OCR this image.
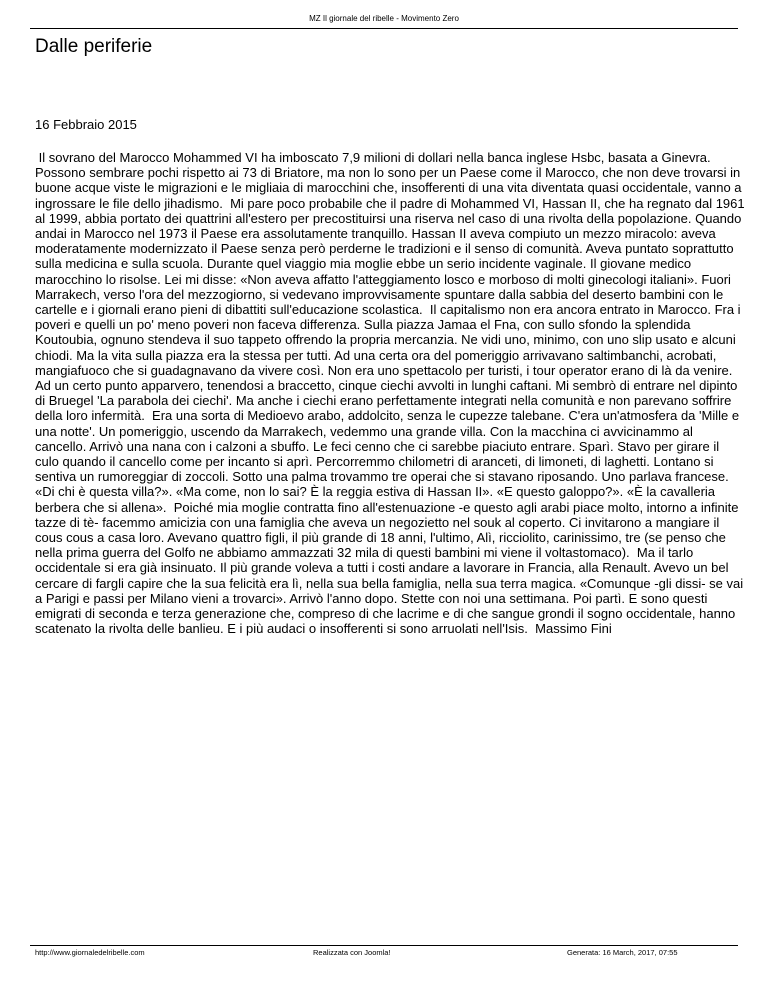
MZ Il giornale del ribelle - Movimento Zero
Dalle periferie
16 Febbraio 2015

Il sovrano del Marocco Mohammed VI ha imboscato 7,9 milioni di dollari nella banca inglese Hsbc, basata a Ginevra. Possono sembrare pochi rispetto ai 73 di Briatore, ma non lo sono per un Paese come il Marocco, che non deve trovarsi in buone acque viste le migrazioni e le migliaia di marocchini che, insofferenti di una vita diventata quasi occidentale, vanno a ingrossare le file dello jihadismo.  Mi pare poco probabile che il padre di Mohammed VI, Hassan II, che ha regnato dal 1961 al 1999, abbia portato dei quattrini all'estero per precostituirsi una riserva nel caso di una rivolta della popolazione. Quando andai in Marocco nel 1973 il Paese era assolutamente tranquillo. Hassan II aveva compiuto un mezzo miracolo: aveva moderatamente modernizzato il Paese senza però perderne le tradizioni e il senso di comunità. Aveva puntato soprattutto sulla medicina e sulla scuola. Durante quel viaggio mia moglie ebbe un serio incidente vaginale. Il giovane medico marocchino lo risolse. Lei mi disse: «Non aveva affatto l'atteggiamento losco e morboso di molti ginecologi italiani». Fuori Marrakech, verso l'ora del mezzogiorno, si vedevano improvvisamente spuntare dalla sabbia del deserto bambini con le cartelle e i giornali erano pieni di dibattiti sull'educazione scolastica.  Il capitalismo non era ancora entrato in Marocco. Fra i poveri e quelli un po' meno poveri non faceva differenza. Sulla piazza Jamaa el Fna, con sullo sfondo la splendida Koutoubia, ognuno stendeva il suo tappeto offrendo la propria mercanzia. Ne vidi uno, minimo, con uno slip usato e alcuni chiodi. Ma la vita sulla piazza era la stessa per tutti. Ad una certa ora del pomeriggio arrivavano saltimbanchi, acrobati, mangiafuoco che si guadagnavano da vivere così. Non era uno spettacolo per turisti, i tour operator erano di là da venire. Ad un certo punto apparvero, tenendosi a braccetto, cinque ciechi avvolti in lunghi caftani. Mi sembrò di entrare nel dipinto di Bruegel 'La parabola dei ciechi'. Ma anche i ciechi erano perfettamente integrati nella comunità e non parevano soffrire della loro infermità.  Era una sorta di Medioevo arabo, addolcito, senza le cupezze talebane. C'era un'atmosfera da 'Mille e una notte'. Un pomeriggio, uscendo da Marrakech, vedemmo una grande villa. Con la macchina ci avvicinammo al cancello. Arrivò una nana con i calzoni a sbuffo. Le feci cenno che ci sarebbe piaciuto entrare. Sparì. Stavo per girare il culo quando il cancello come per incanto si aprì. Percorremmo chilometri di aranceti, di limoneti, di laghetti. Lontano si sentiva un rumoreggiar di zoccoli. Sotto una palma trovammo tre operai che si stavano riposando. Uno parlava francese. «Di chi è questa villa?». «Ma come, non lo sai? È la reggia estiva di Hassan II». «E questo galoppo?». «È la cavalleria berbera che si allena».  Poiché mia moglie contratta fino all'estenuazione -e questo agli arabi piace molto, intorno a infinite tazze di tè- facemmo amicizia con una famiglia che aveva un negozietto nel souk al coperto. Ci invitarono a mangiare il cous cous a casa loro. Avevano quattro figli, il più grande di 18 anni, l'ultimo, Alì, ricciolito, carinissimo, tre (se penso che nella prima guerra del Golfo ne abbiamo ammazzati 32 mila di questi bambini mi viene il voltastomaco).  Ma il tarlo occidentale si era già insinuato. Il più grande voleva a tutti i costi andare a lavorare in Francia, alla Renault. Avevo un bel cercare di fargli capire che la sua felicità era lì, nella sua bella famiglia, nella sua terra magica. «Comunque -gli dissi- se vai a Parigi e passi per Milano vieni a trovarci». Arrivò l'anno dopo. Stette con noi una settimana. Poi partì. E sono questi emigrati di seconda e terza generazione che, compreso di che lacrime e di che sangue grondi il sogno occidentale, hanno scatenato la rivolta delle banlieu. E i più audaci o insofferenti si sono arruolati nell'Isis.  Massimo Fini

http://www.giornaledelribelle.com	Realizzata con Joomla!	Generata: 16 March, 2017, 07:55
